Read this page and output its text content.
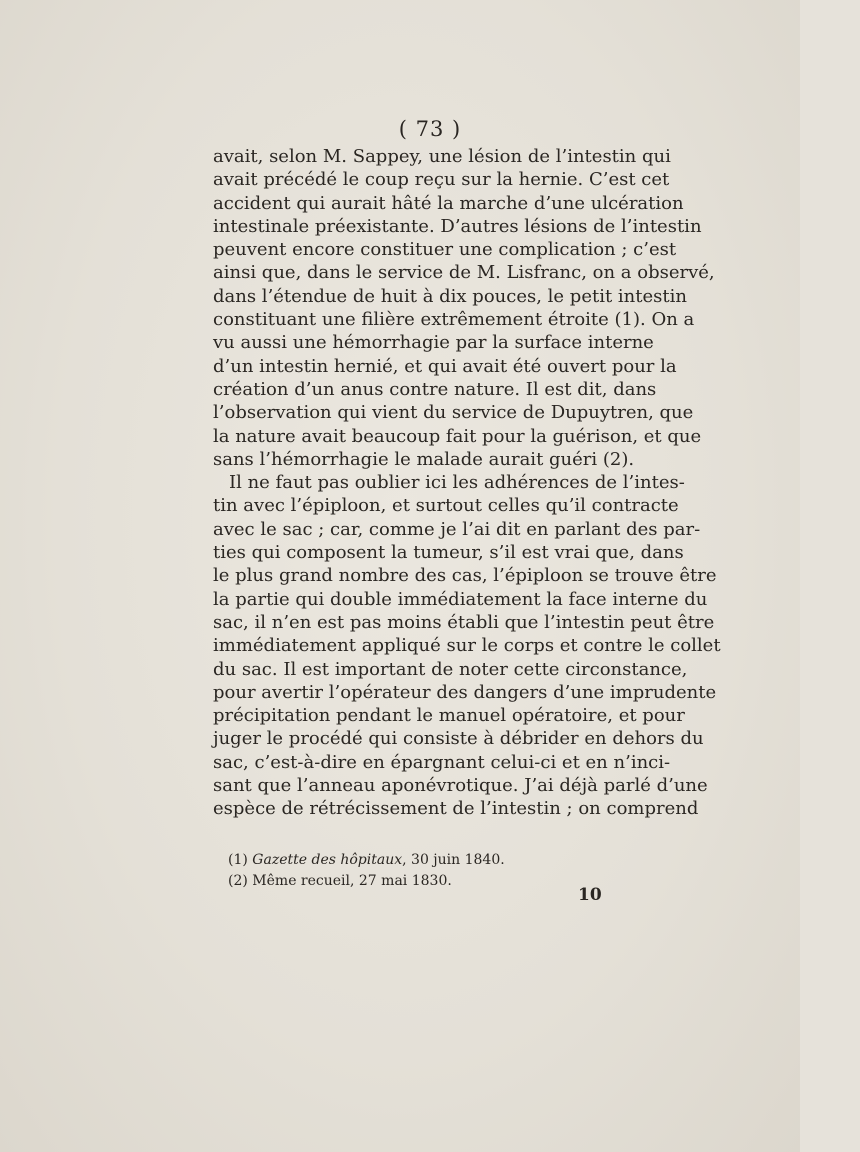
( 73 )
avait, selon M. Sappey, une lésion de l’intestin qui
avait précédé le coup reçu sur la hernie. C’est cet
accident qui aurait hâté la marche d’une ulcération
intestinale préexistante. D’autres lésions de l’intestin
peuvent encore constituer une complication ; c’est
ainsi que, dans le service de M. Lisfranc, on a observé,
dans l’étendue de huit à dix pouces, le petit intestin
constituant une filière extrêmement étroite (1). On a
vu aussi une hémorrhagie par la surface interne
d’un intestin hernié, et qui avait été ouvert pour la
création d’un anus contre nature. Il est dit, dans
l’observation qui vient du service de Dupuytren, que
la nature avait beaucoup fait pour la guérison, et que
sans l’hémorrhagie le malade aurait guéri (2).
Il ne faut pas oublier ici les adhérences de l’intes-
tin avec l’épiploon, et surtout celles qu’il contracte
avec le sac ; car, comme je l’ai dit en parlant des par-
ties qui composent la tumeur, s’il est vrai que, dans
le plus grand nombre des cas, l’épiploon se trouve être
la partie qui double immédiatement la face interne du
sac, il n’en est pas moins établi que l’intestin peut être
immédiatement appliqué sur le corps et contre le collet
du sac. Il est important de noter cette circonstance,
pour avertir l’opérateur des dangers d’une imprudente
précipitation pendant le manuel opératoire, et pour
juger le procédé qui consiste à débrider en dehors du
sac, c’est-à-dire en épargnant celui-ci et en n’inci-
sant que l’anneau aponévrotique. J’ai déjà parlé d’une
espèce de rétrécissement de l’intestin ; on comprend
(1) Gazette des hôpitaux, 30 juin 1840.
(2) Même recueil, 27 mai 1830.
10
